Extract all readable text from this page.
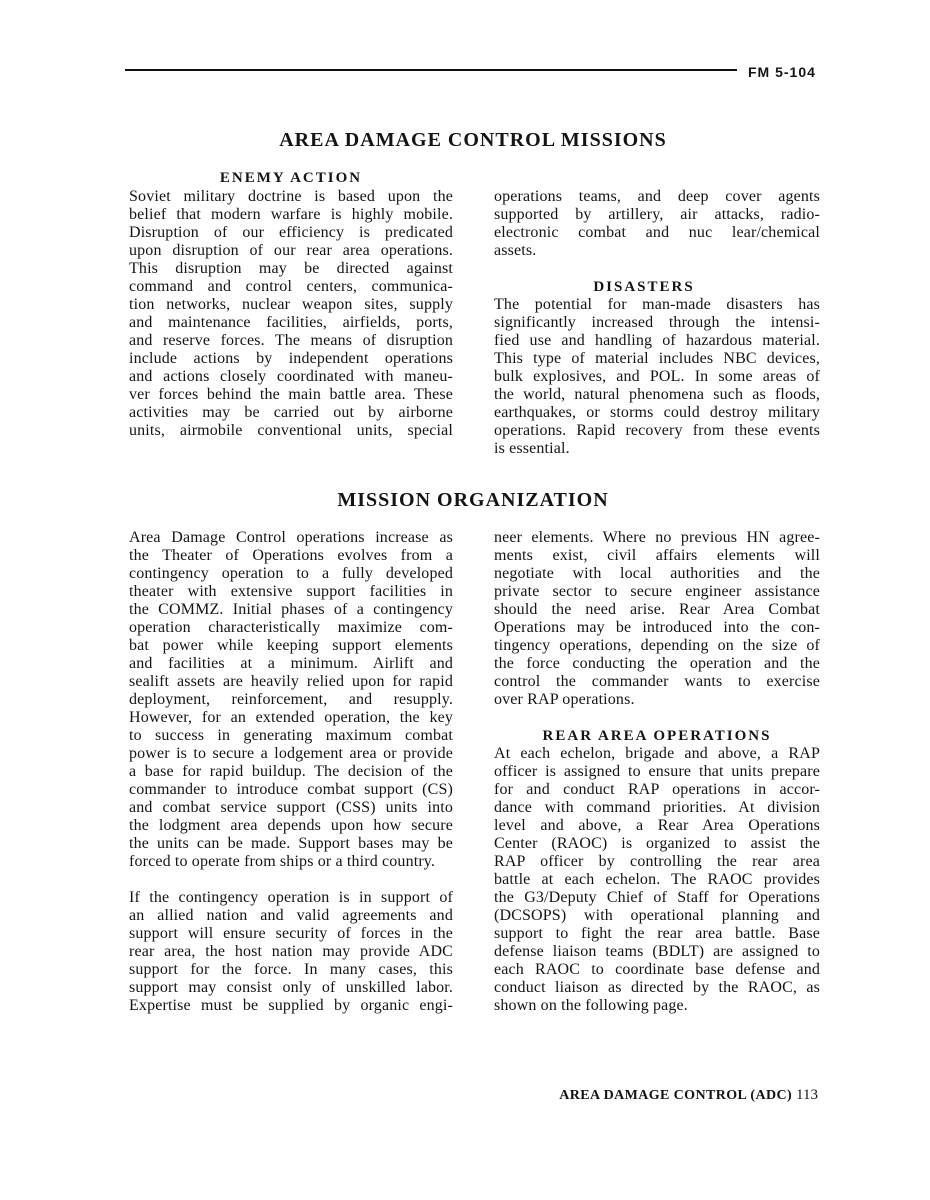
FM 5-104
AREA DAMAGE CONTROL MISSIONS
ENEMY ACTION
Soviet military doctrine is based upon the
belief that modern warfare is highly mobile.
Disruption of our efficiency is predicated
upon disruption of our rear area operations.
This disruption may be directed against
command and control centers, communica-
tion networks, nuclear weapon sites, supply
and maintenance facilities, airfields, ports,
and reserve forces. The means of disruption
include actions by independent operations
and actions closely coordinated with maneu-
ver forces behind the main battle area. These
activities may be carried out by airborne
units, airmobile conventional units, special
operations teams, and deep cover agents
supported by artillery, air attacks, radio-
electronic combat and nuc lear/chemical
assets.
DISASTERS
The potential for man-made disasters has
significantly increased through the intensi-
fied use and handling of hazardous material.
This type of material includes NBC devices,
bulk explosives, and POL. In some areas of
the world, natural phenomena such as floods,
earthquakes, or storms could destroy military
operations. Rapid recovery from these events
is essential.
MISSION ORGANIZATION
Area Damage Control operations increase as
the Theater of Operations evolves from a
contingency operation to a fully developed
theater with extensive support facilities in
the COMMZ. Initial phases of a contingency
operation characteristically maximize com-
bat power while keeping support elements
and facilities at a minimum. Airlift and
sealift assets are heavily relied upon for rapid
deployment, reinforcement, and resupply.
However, for an extended operation, the key
to success in generating maximum combat
power is to secure a lodgement area or provide
a base for rapid buildup. The decision of the
commander to introduce combat support (CS)
and combat service support (CSS) units into
the lodgment area depends upon how secure
the units can be made. Support bases may be
forced to operate from ships or a third country.
If the contingency operation is in support of
an allied nation and valid agreements and
support will ensure security of forces in the
rear area, the host nation may provide ADC
support for the force. In many cases, this
support may consist only of unskilled labor.
Expertise must be supplied by organic engi-
neer elements. Where no previous HN agree-
ments exist, civil affairs elements will
negotiate with local authorities and the
private sector to secure engineer assistance
should the need arise. Rear Area Combat
Operations may be introduced into the con-
tingency operations, depending on the size of
the force conducting the operation and the
control the commander wants to exercise
over RAP operations.
REAR AREA OPERATIONS
At each echelon, brigade and above, a RAP
officer is assigned to ensure that units prepare
for and conduct RAP operations in accor-
dance with command priorities. At division
level and above, a Rear Area Operations
Center (RAOC) is organized to assist the
RAP officer by controlling the rear area
battle at each echelon. The RAOC provides
the G3/Deputy Chief of Staff for Operations
(DCSOPS) with operational planning and
support to fight the rear area battle. Base
defense liaison teams (BDLT) are assigned to
each RAOC to coordinate base defense and
conduct liaison as directed by the RAOC, as
shown on the following page.
AREA DAMAGE CONTROL (ADC) 113
